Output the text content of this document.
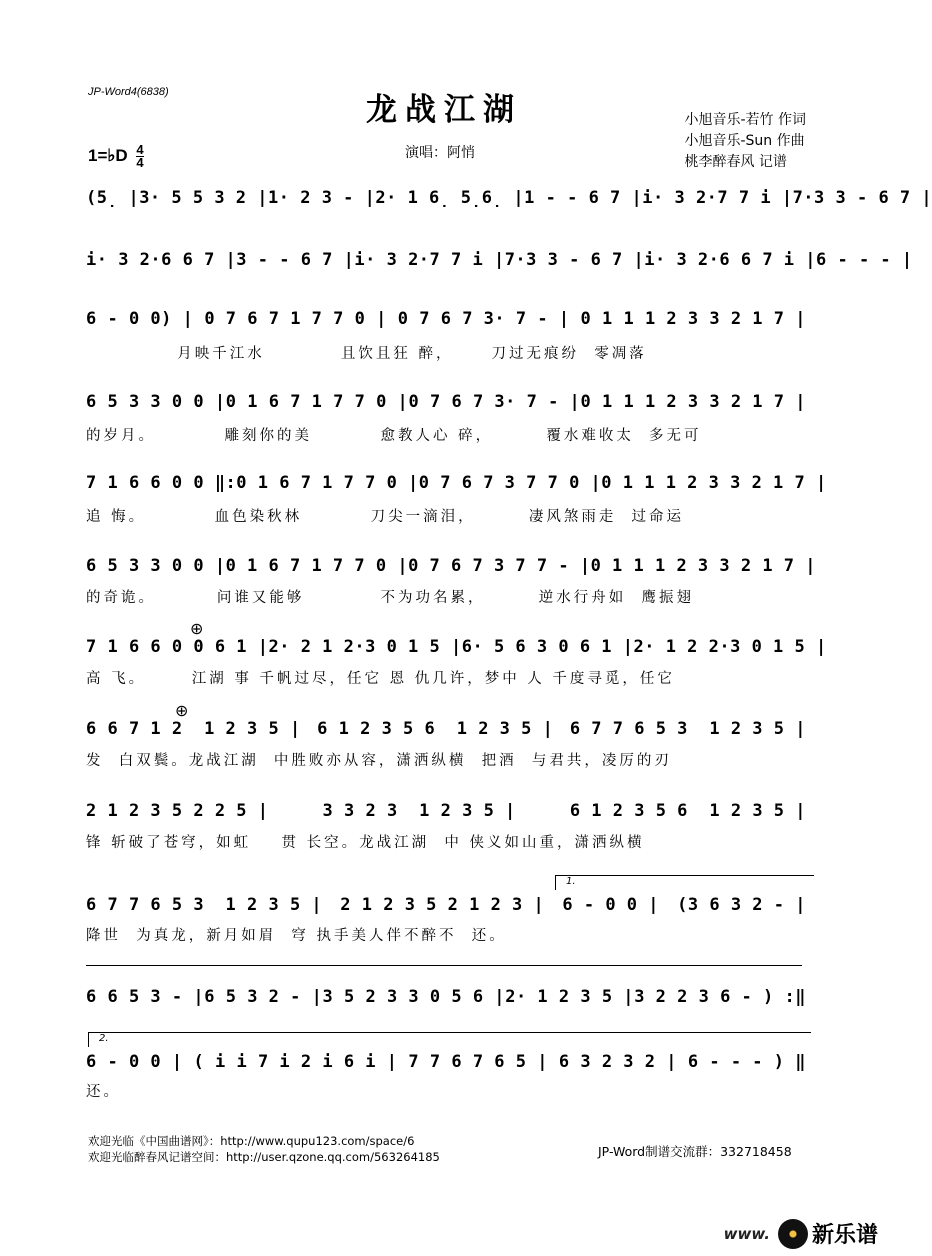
JP-Word4(6838)	龙战江湖	小旭音乐-若竹 作词
小旭音乐-Sun 作曲
桃李醉春风 记谱
1=♭D $\frac{4}{4}$	演唱：阿悄
(5̣ | 3· 5 5 3 2 | 1· 2 3 - | 2· 1 6̣ 5̣6̣ | 1 - - 6 7 | i· 3 2·7 7 i | 7·3 3 - 6 7 |
i· 3 2·6 6 7 | 3 - - 6 7 | i· 3 2·7 7 i | 7·3 3 - 6 7 | i· 3 2·6 6 7 i | 6 - - - |
6 - 0 0) | 0 7 6 7 1 7 7 0 | 0 7 6 7 3· 7 - | 0 1 1 1 2 3 3 2 1 7 |
月映千江水          且饮且狂 醉，     刀过无痕纷  零凋落
6 5 3 3 0 0 | 0 1 6 7 1 7 7 0 | 0 7 6 7 3· 7 - | 0 1 1 1 2 3 3 2 1 7 |
的岁月。         雕刻你的美         愈教人心 碎，       覆水难收太  多无可
7 1 6 6 0 0 ‖: 0 1 6 7 1 7 7 0 | 0 7 6 7 3 7 7 0 | 0 1 1 1 2 3 3 2 1 7 |
追 悔。         血色染秋林         刀尖一滴泪，       凄风煞雨走  过命运
6 5 3 3 0 0 | 0 1 6 7 1 7 7 0 | 0 7 6 7 3 7 7 - | 0 1 1 1 2 3 3 2 1 7 |
的奇诡。        问谁又能够          不为功名累，       逆水行舟如  鹰振翅
⊕
7 1 6 6 0 0 6 1 | 2· 2 1 2·3 0 1 5 | 6· 5 6 3 0 6 1 | 2· 1 2 2·3 0 1 5 |
高 飞。      江湖 事 千帆过尽，任它 恩 仇几许，梦中 人 千度寻觅，任它
⊕
6 6 7 1 2  1 2 3 5 | 6 1 2 3 5 6  1 2 3 5 | 6 7 7 6 5 3  1 2 3 5 |
发  白双鬓。龙战江湖  中胜败亦从容，潇洒纵横  把酒  与君共，凌厉的刃
2 1 2 3 5 2 2 5 |	3 3 2 3  1 2 3 5 |	6 1 2 3 5 6  1 2 3 5 |
锋 斩破了苍穹，如虹    贯 长空。龙战江湖  中 侠义如山重，潇洒纵横
1.
6 7 7 6 5 3  1 2 3 5 | 2 1 2 3 5 2 1 2 3 | 6 - 0 0 | (3 6 3 2 - |
降世  为真龙，新月如眉  穹 执手美人伴不醉不  还。
6 6 5 3 - | 6 5 3 2 - | 3 5 2 3 3 0 5 6 | 2· 1 2 3 5 | 3 2 2 3 6 - ) :‖
2.
6 - 0 0 | ( i i 7 i 2 i 6 i | 7 7 6 7 6 5 | 6 3 2 3 2 | 6 - - - ) ‖
还。
欢迎光临《中国曲谱网》：http://www.qupu123.com/space/6
欢迎光临醉春风记谱空间：http://user.qzone.qq.com/563264185	JP-Word制谱交流群：332718458
www. 新乐谱
